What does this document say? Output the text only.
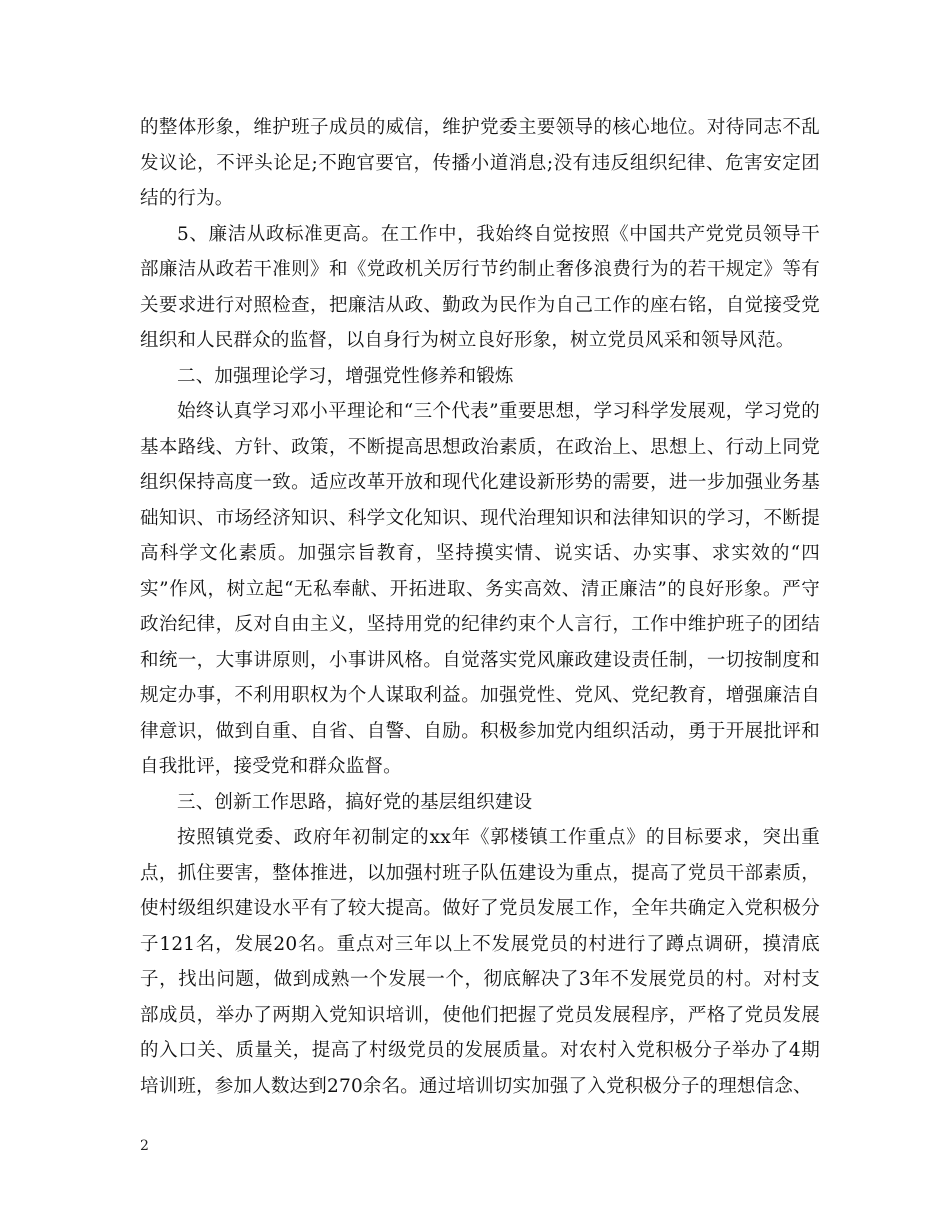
的整体形象，维护班子成员的威信，维护党委主要领导的核心地位。对待同志不乱发议论，不评头论足;不跑官要官，传播小道消息;没有违反组织纪律、危害安定团结的行为。

5、廉洁从政标准更高。在工作中，我始终自觉按照《中国共产党党员领导干部廉洁从政若干准则》和《党政机关厉行节约制止奢侈浪费行为的若干规定》等有关要求进行对照检查，把廉洁从政、勤政为民作为自己工作的座右铭，自觉接受党组织和人民群众的监督，以自身行为树立良好形象，树立党员风采和领导风范。

二、加强理论学习，增强党性修养和锻炼

始终认真学习邓小平理论和“三个代表”重要思想，学习科学发展观，学习党的基本路线、方针、政策，不断提高思想政治素质，在政治上、思想上、行动上同党组织保持高度一致。适应改革开放和现代化建设新形势的需要，进一步加强业务基础知识、市场经济知识、科学文化知识、现代治理知识和法律知识的学习，不断提高科学文化素质。加强宗旨教育，坚持摸实情、说实话、办实事、求实效的“四实”作风，树立起“无私奉献、开拓进取、务实高效、清正廉洁”的良好形象。严守政治纪律，反对自由主义，坚持用党的纪律约束个人言行，工作中维护班子的团结和统一，大事讲原则，小事讲风格。自觉落实党风廉政建设责任制，一切按制度和规定办事，不利用职权为个人谋取利益。加强党性、党风、党纪教育，增强廉洁自律意识，做到自重、自省、自警、自励。积极参加党内组织活动，勇于开展批评和自我批评，接受党和群众监督。

三、创新工作思路，搞好党的基层组织建设

按照镇党委、政府年初制定的xx年《郭楼镇工作重点》的目标要求，突出重点，抓住要害，整体推进，以加强村班子队伍建设为重点，提高了党员干部素质，使村级组织建设水平有了较大提高。做好了党员发展工作，全年共确定入党积极分子121名，发展20名。重点对三年以上不发展党员的村进行了蹲点调研，摸清底子，找出问题，做到成熟一个发展一个，彻底解决了3年不发展党员的村。对村支部成员，举办了两期入党知识培训，使他们把握了党员发展程序，严格了党员发展的入口关、质量关，提高了村级党员的发展质量。对农村入党积极分子举办了4期培训班，参加人数达到270余名。通过培训切实加强了入党积极分子的理想信念、

2
